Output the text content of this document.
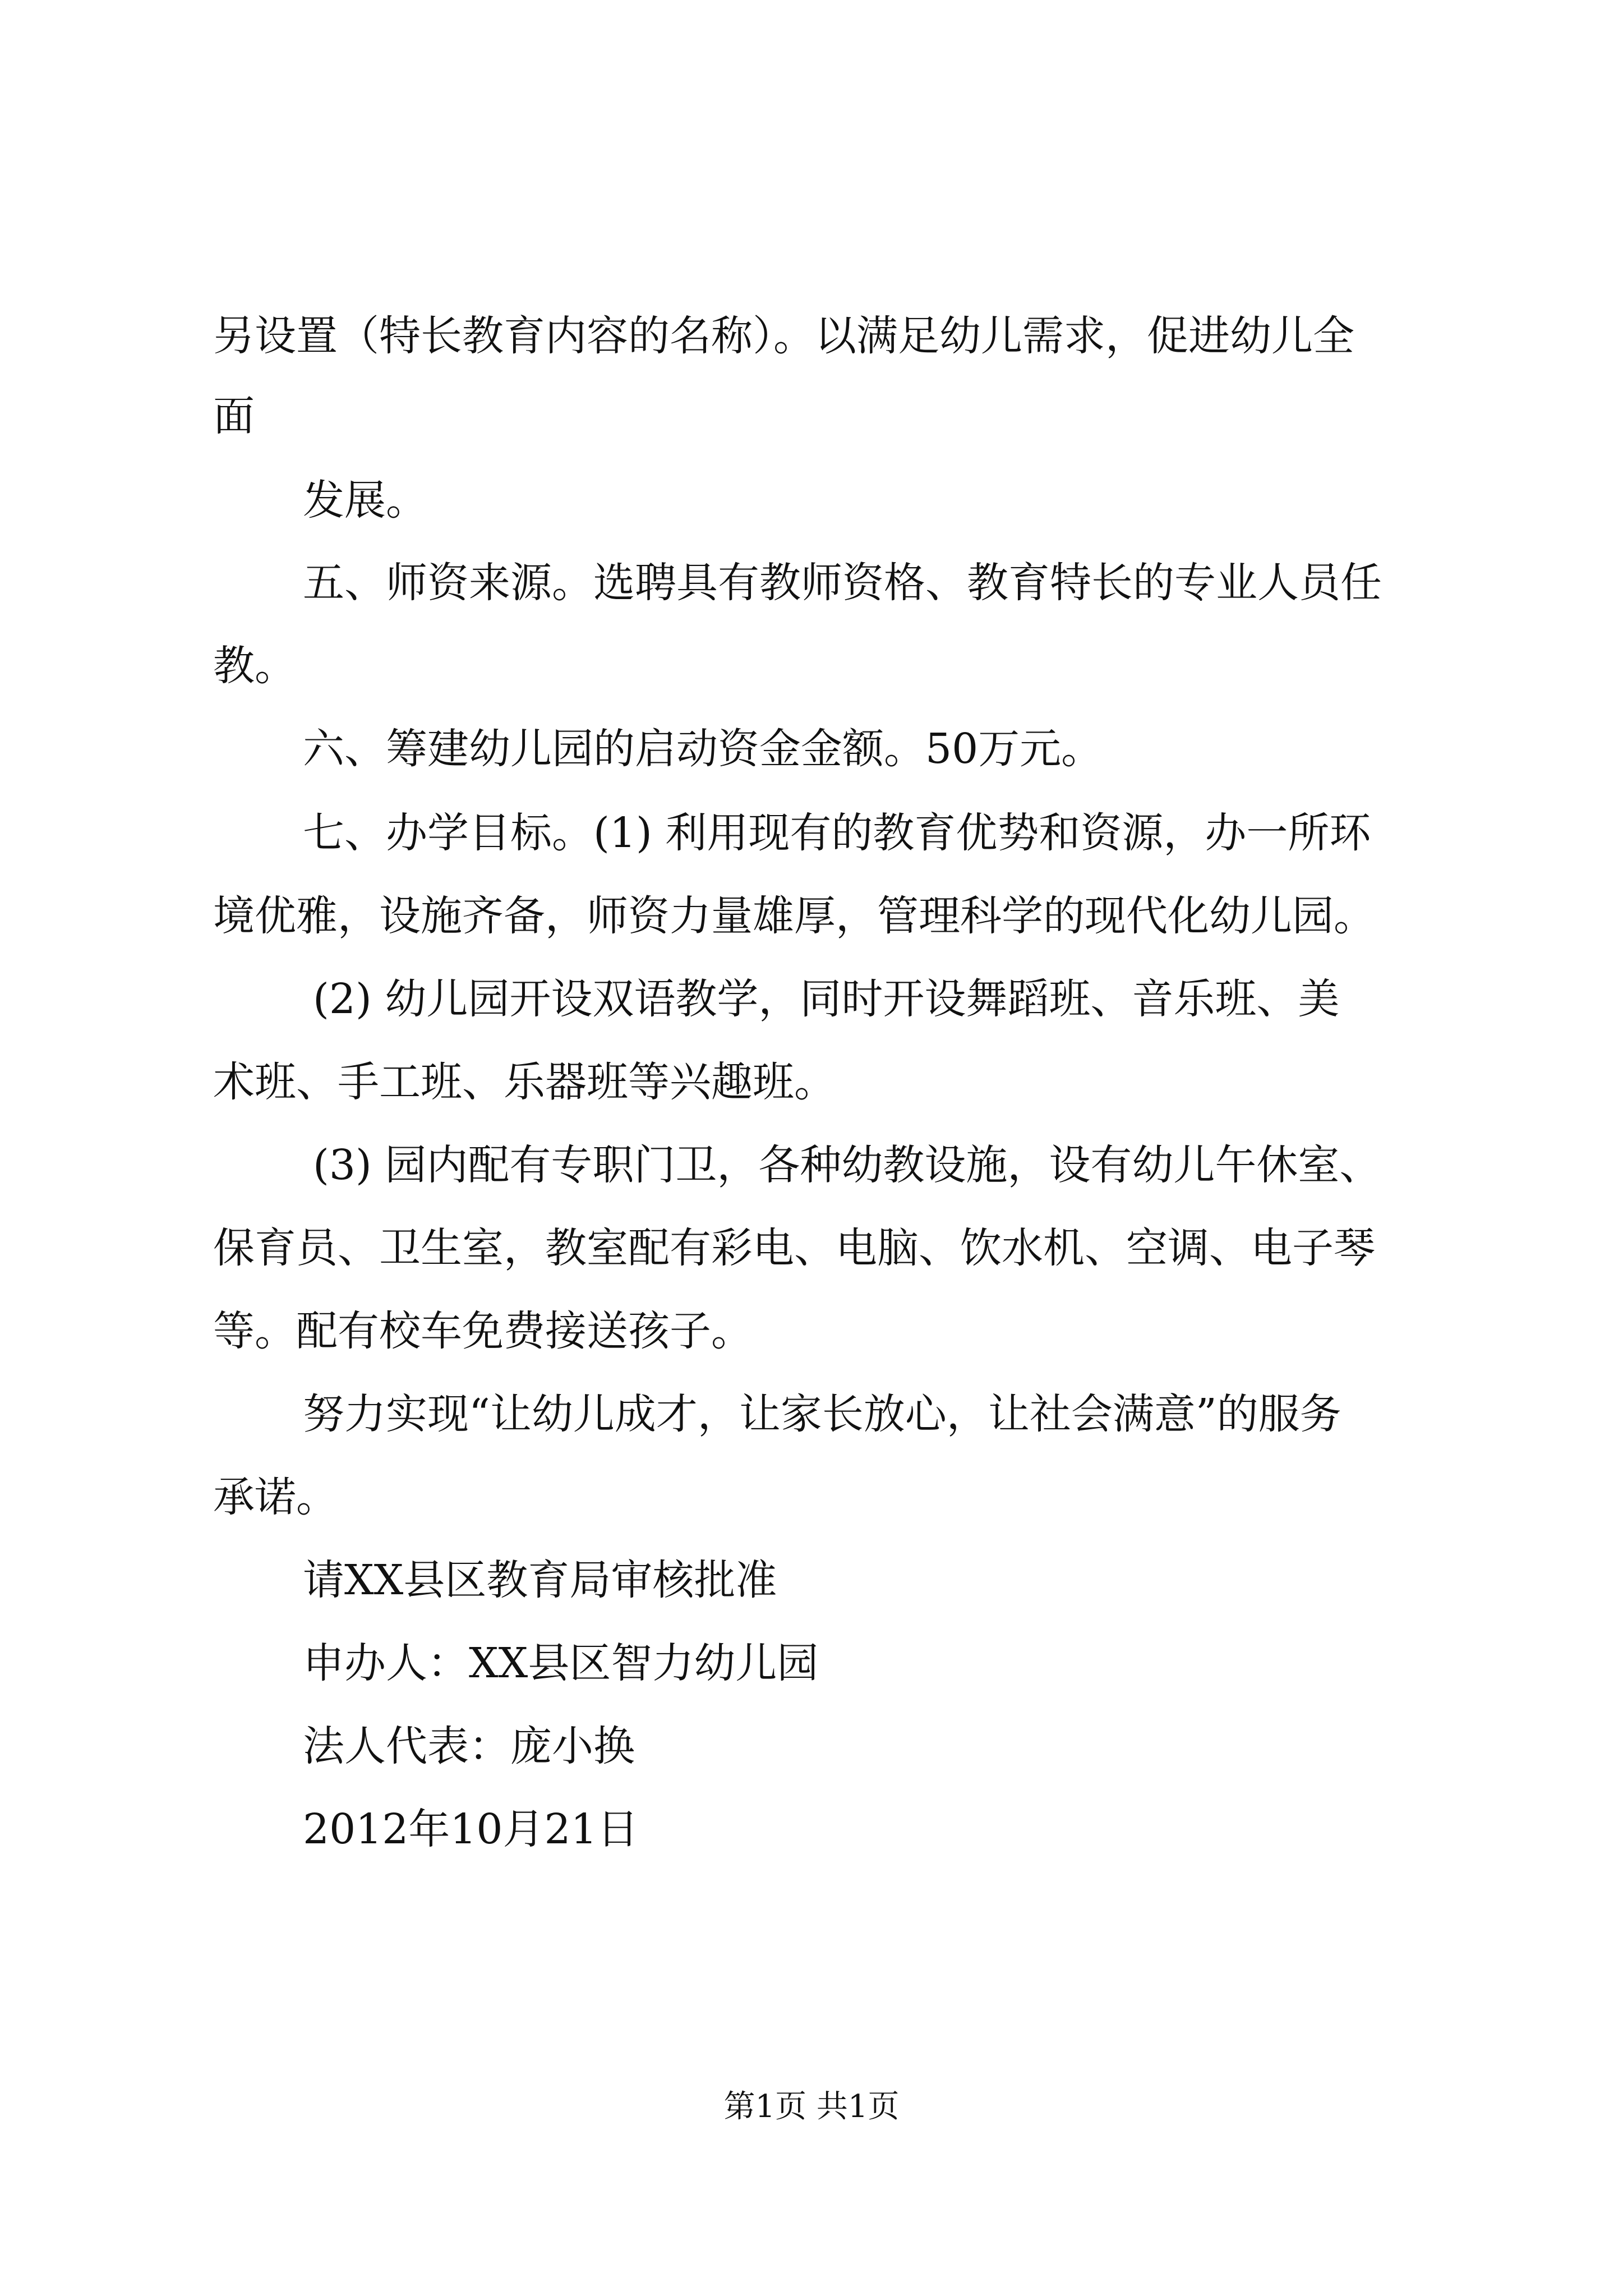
另设置（特长教育内容的名称）。以满足幼儿需求，促进幼儿全
面
发展。
五、师资来源。选聘具有教师资格、教育特长的专业人员任
教。
六、筹建幼儿园的启动资金金额。50万元。
七、办学目标。(1) 利用现有的教育优势和资源，办一所环
境优雅，设施齐备，师资力量雄厚，管理科学的现代化幼儿园。
(2) 幼儿园开设双语教学，同时开设舞蹈班、音乐班、美
术班、手工班、乐器班等兴趣班。
(3) 园内配有专职门卫，各种幼教设施，设有幼儿午休室、
保育员、卫生室，教室配有彩电、电脑、饮水机、空调、电子琴
等。配有校车免费接送孩子。
努力实现“让幼儿成才，让家长放心，让社会满意”的服务
承诺。
请XX县区教育局审核批准
申办人：XX县区智力幼儿园
法人代表：庞小换
2012年10月21日
第1页 共1页
